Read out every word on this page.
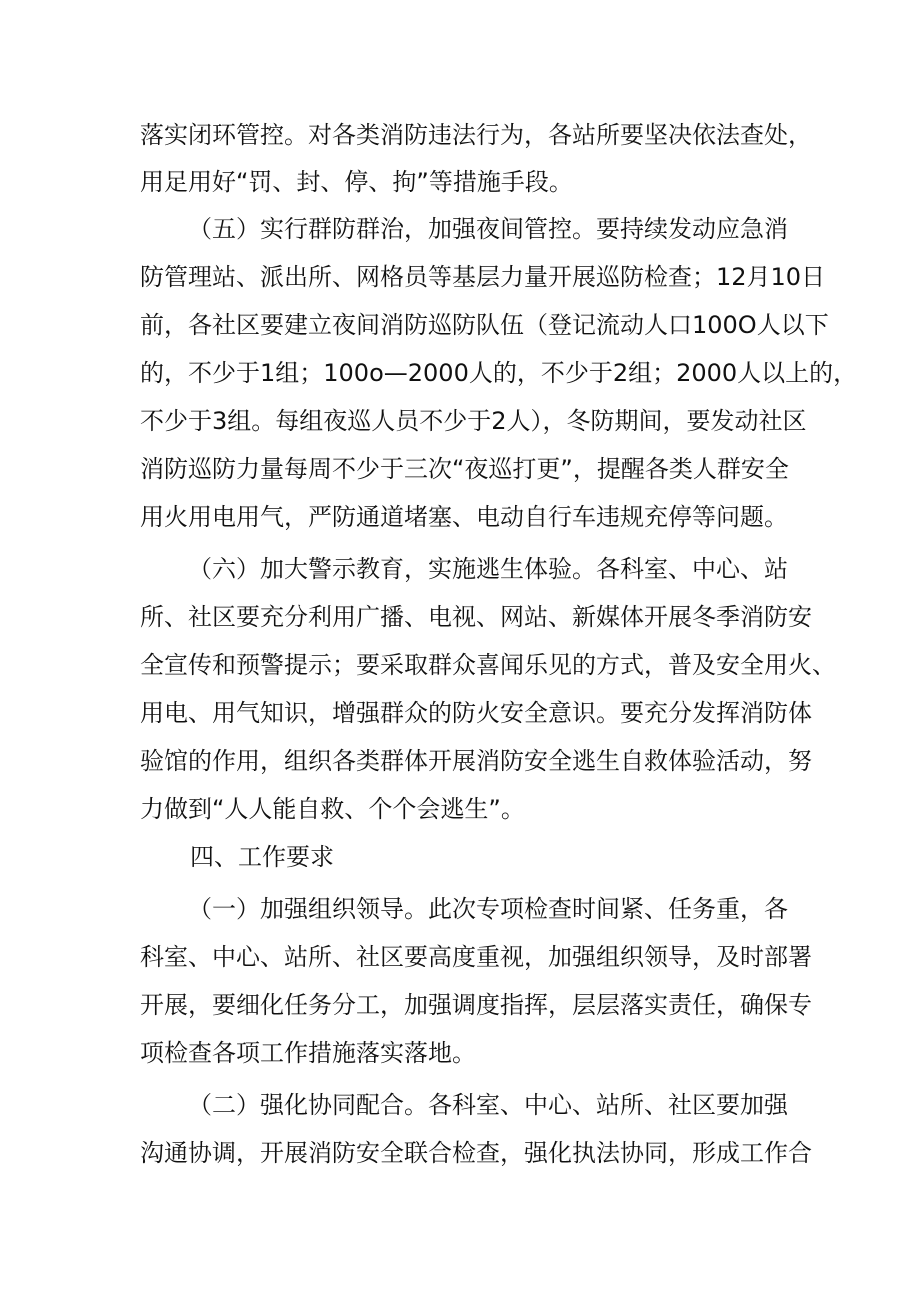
落实闭环管控。对各类消防违法行为，各站所要坚决依法查处，
用足用好“罚、封、停、拘”等措施手段。
（五）实行群防群治，加强夜间管控。要持续发动应急消
防管理站、派出所、网格员等基层力量开展巡防检查；12月10日
前，各社区要建立夜间消防巡防队伍（登记流动人口100O人以下
的，不少于1组；100o—2000人的，不少于2组；2000人以上的，
不少于3组。每组夜巡人员不少于2人），冬防期间，要发动社区
消防巡防力量每周不少于三次“夜巡打更”，提醒各类人群安全
用火用电用气，严防通道堵塞、电动自行车违规充停等问题。
（六）加大警示教育，实施逃生体验。各科室、中心、站
所、社区要充分利用广播、电视、网站、新媒体开展冬季消防安
全宣传和预警提示；要采取群众喜闻乐见的方式，普及安全用火、
用电、用气知识，增强群众的防火安全意识。要充分发挥消防体
验馆的作用，组织各类群体开展消防安全逃生自救体验活动，努
力做到“人人能自救、个个会逃生”。
四、工作要求
（一）加强组织领导。此次专项检查时间紧、任务重，各
科室、中心、站所、社区要高度重视，加强组织领导，及时部署
开展，要细化任务分工，加强调度指挥，层层落实责任，确保专
项检查各项工作措施落实落地。
（二）强化协同配合。各科室、中心、站所、社区要加强
沟通协调，开展消防安全联合检查，强化执法协同，形成工作合
